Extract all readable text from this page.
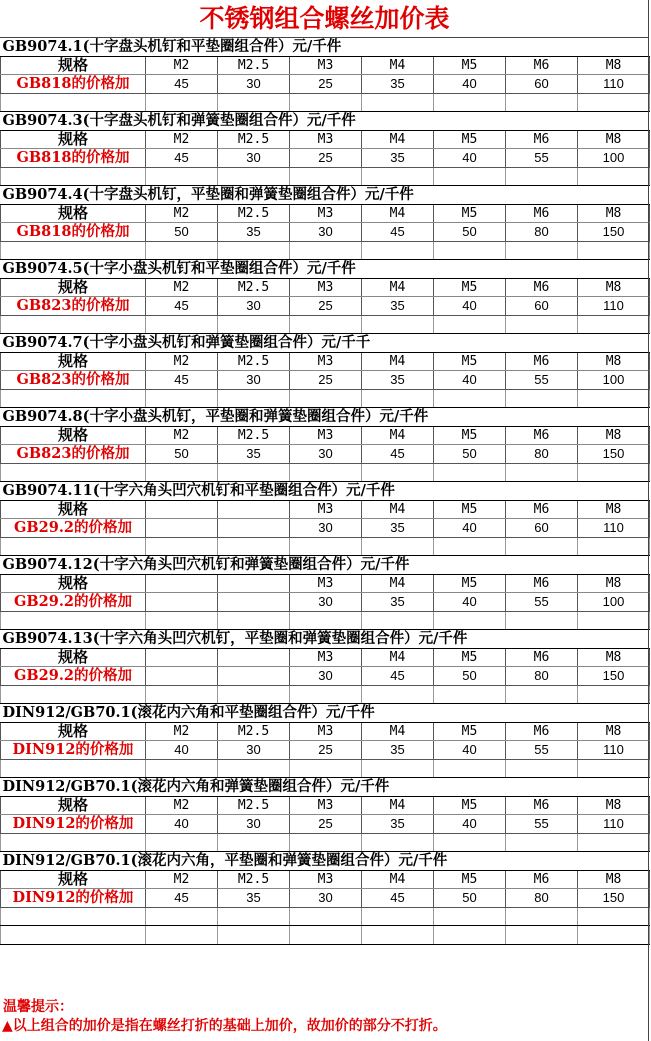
不锈钢组合螺丝加价表
GB9074.1(十字盘头机钉和平垫圈组合件）元/千件							
规格	M2	M2.5	M3	M4	M5	M6	M8
GB818的价格加	45	30	25	35	40	60	110

GB9074.3(十字盘头机钉和弹簧垫圈组合件）元/千件							
规格	M2	M2.5	M3	M4	M5	M6	M8
GB818的价格加	45	30	25	35	40	55	100

GB9074.4(十字盘头机钉，平垫圈和弹簧垫圈组合件）元/千件							
规格	M2	M2.5	M3	M4	M5	M6	M8
GB818的价格加	50	35	30	45	50	80	150

GB9074.5(十字小盘头机钉和平垫圈组合件）元/千件							
规格	M2	M2.5	M3	M4	M5	M6	M8
GB823的价格加	45	30	25	35	40	60	110

GB9074.7(十字小盘头机钉和弹簧垫圈组合件）元/千千							
规格	M2	M2.5	M3	M4	M5	M6	M8
GB823的价格加	45	30	25	35	40	55	100

GB9074.8(十字小盘头机钉，平垫圈和弹簧垫圈组合件）元/千件							
规格	M2	M2.5	M3	M4	M5	M6	M8
GB823的价格加	50	35	30	45	50	80	150

GB9074.11(十字六角头凹穴机钉和平垫圈组合件）元/千件							
规格			M3	M4	M5	M6	M8
GB29.2的价格加			30	35	40	60	110

GB9074.12(十字六角头凹穴机钉和弹簧垫圈组合件）元/千件							
规格			M3	M4	M5	M6	M8
GB29.2的价格加			30	35	40	55	100

GB9074.13(十字六角头凹穴机钉，平垫圈和弹簧垫圈组合件）元/千件							
规格			M3	M4	M5	M6	M8
GB29.2的价格加			30	45	50	80	150

DIN912/GB70.1(滚花内六角和平垫圈组合件）元/千件							
规格	M2	M2.5	M3	M4	M5	M6	M8
DIN912的价格加	40	30	25	35	40	55	110

DIN912/GB70.1(滚花内六角和弹簧垫圈组合件）元/千件							
规格	M2	M2.5	M3	M4	M5	M6	M8
DIN912的价格加	40	30	25	35	40	55	110

DIN912/GB70.1(滚花内六角，平垫圈和弹簧垫圈组合件）元/千件							
规格	M2	M2.5	M3	M4	M5	M6	M8
DIN912的价格加	45	35	30	45	50	80	150

温馨提示：
▲以上组合的加价是指在螺丝打折的基础上加价，故加价的部分不打折。
